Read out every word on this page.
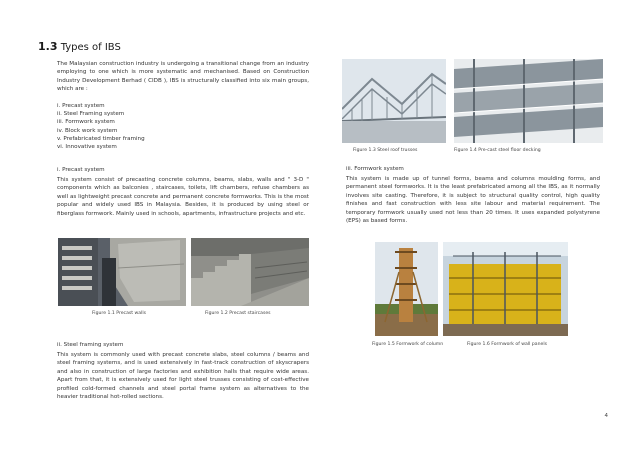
1.3 Types of IBS
The Malaysian construction industry is undergoing a transitional change from an industry employing to one which is more systematic and mechanised. Based on Construction Industry Development Berhad ( CIDB ), IBS is structurally classified into six main groups, which are :
i. Precast system
ii. Steel Framing system
iii. Formwork system
iv. Block work system
v. Prefabricated timber framing
vi. Innovative system
i. Precast system
This system consist of precasting concrete columns, beams, slabs, walls and " 3-D " components which as balconies , staircases, toilets, lift chambers, refuse chambers as well as lightweight precast concrete and permanent concrete formworks. This is the most popular and widely used IBS in Malaysia. Besides, it is produced by using steel or fiberglass formwork. Mainly used in schools, apartments, infrastructure projects and etc.
Figure 1.1 Precast walls	Figure 1.2 Precast staircases
ii. Steel framing system
This system is commonly used with precast concrete slabs, steel columns / beams and steel framing systems, and is used extensively in fast-track construction of skyscrapers and also in construction of large factories and exhibition halls that require wide areas. Apart from that, it is extensively used for light steel trusses consisting of cost-effective profiled cold-formed channels and steel portal frame system as alternatives to the heavier traditional hot-rolled sections.
Figure 1.3 Steel roof trusses	Figure 1.4 Pre-cast steel floor decking
iii. Formwork system
This system is made up of tunnel forms, beams and columns moulding forms, and permanent steel formworks. It is the least prefabricated among all the IBS, as it normally involves site casting. Therefore, it is subject to structural quality control, high quality finishes and fast construction with less site labour and material requirement. The temporary formwork usually used not less than 20 times. It uses expanded polystyrene (EPS) as based forms.
Figure 1.5 Formwork of column	Figure 1.6 Formwork of wall panels
4
